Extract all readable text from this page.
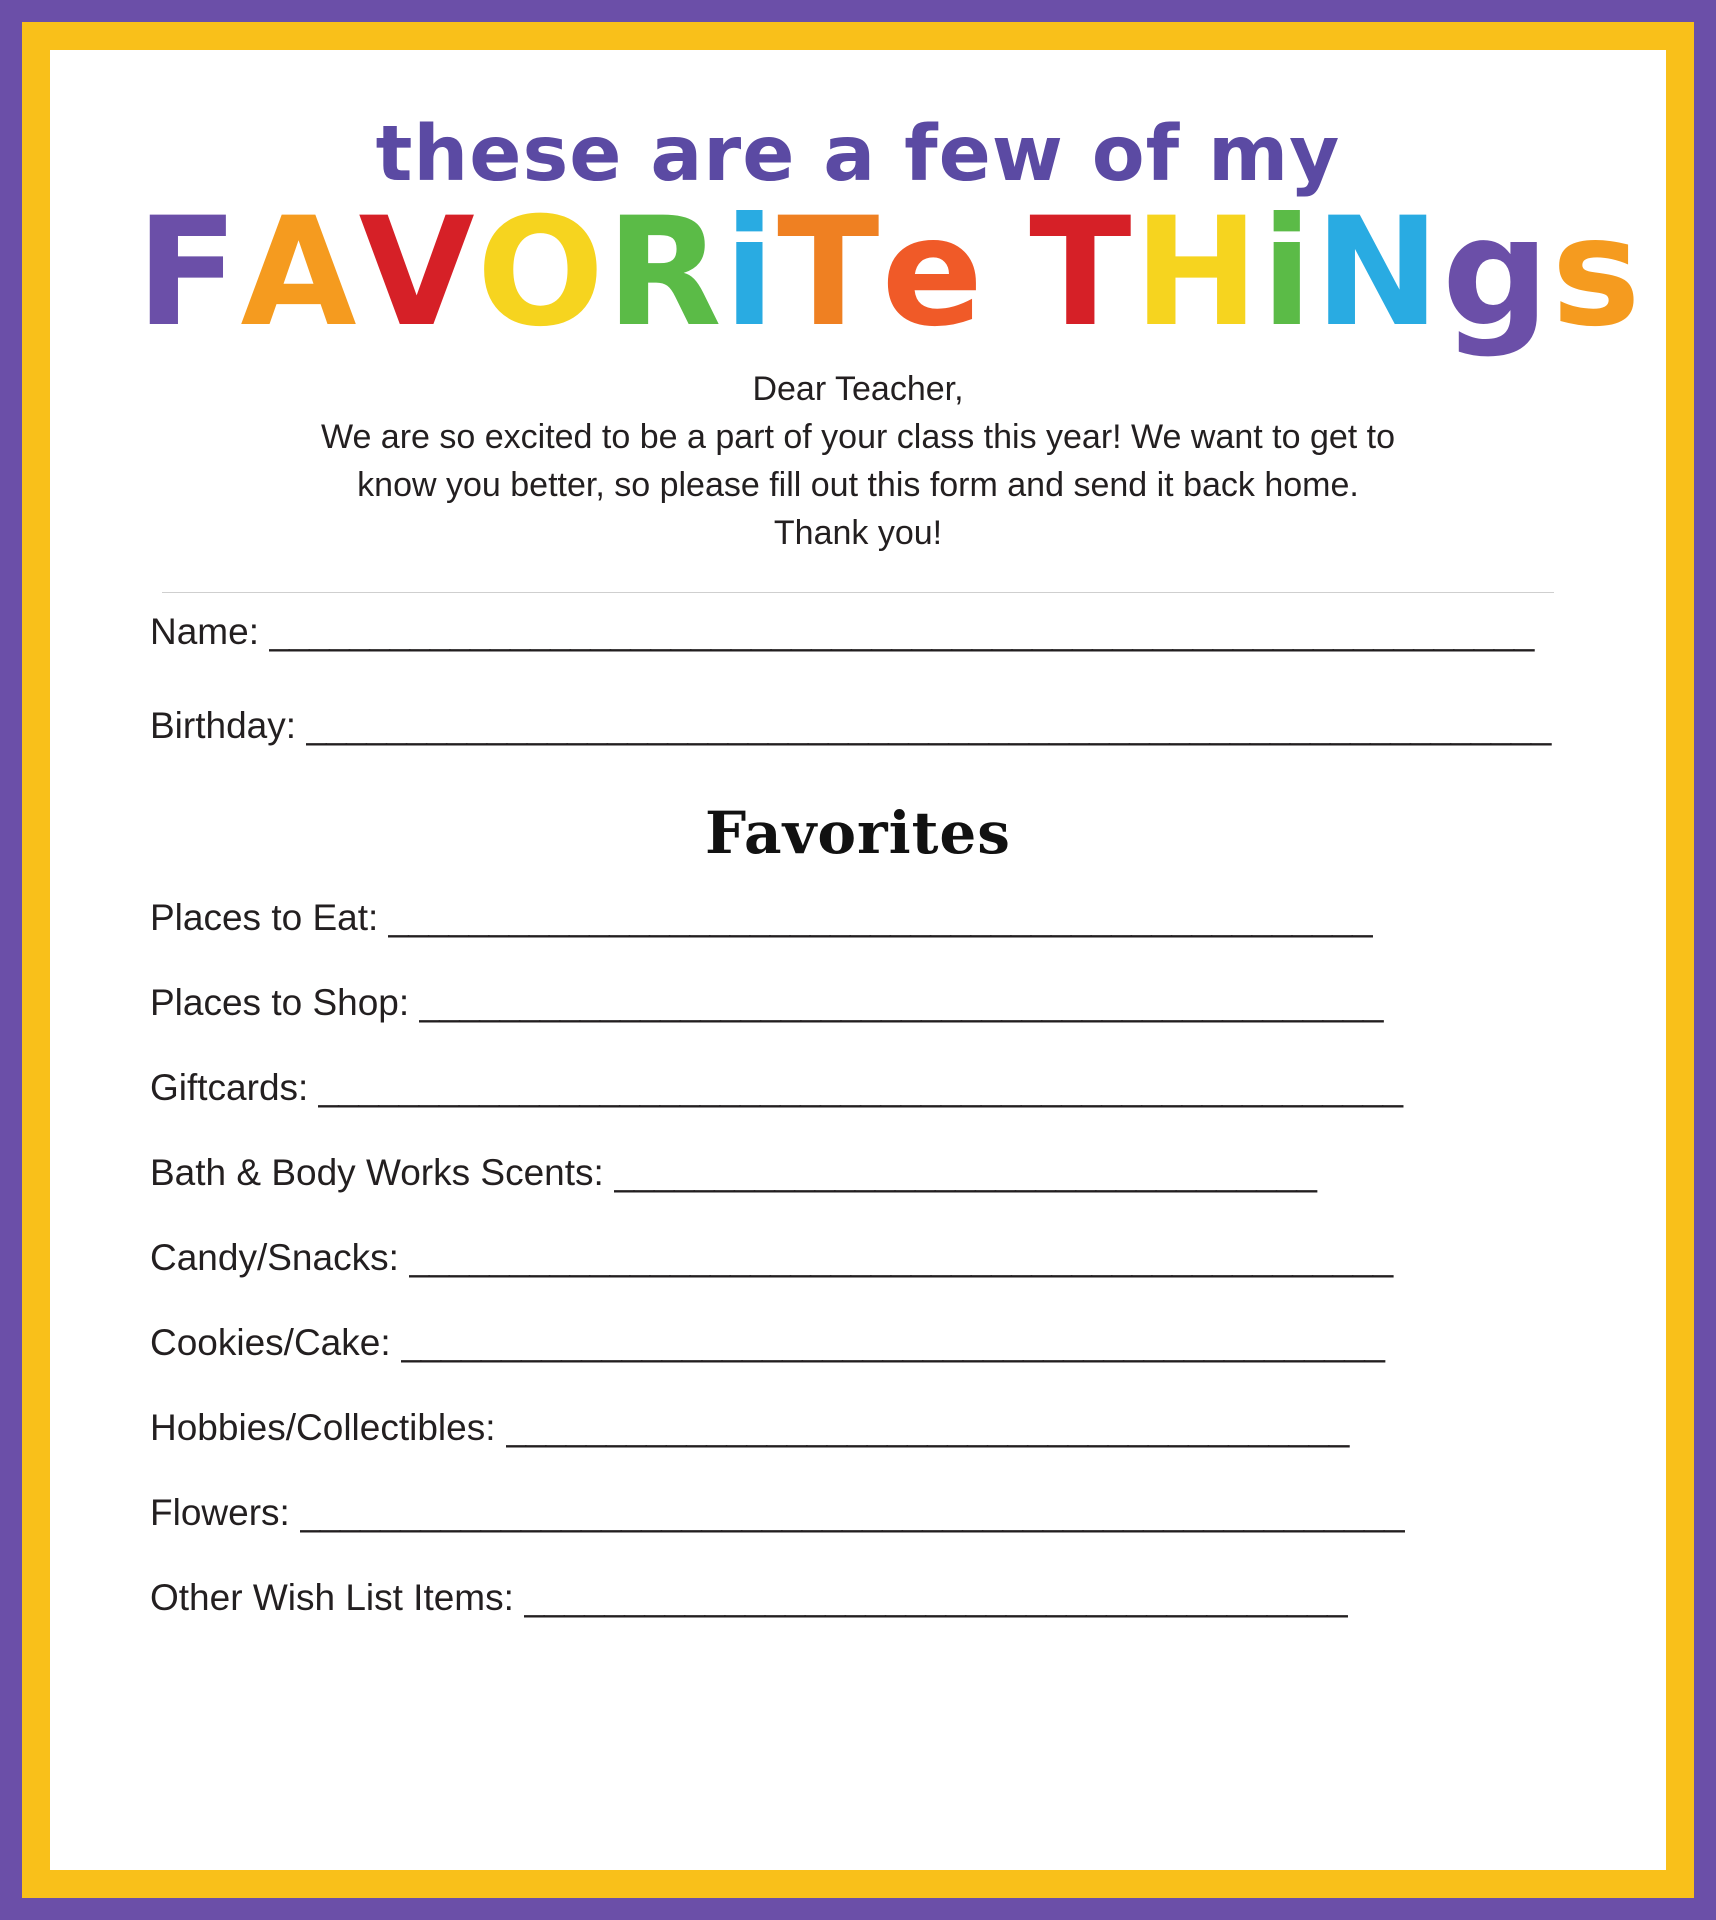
these are a few of my
FAVORiTe THiNgs
Dear Teacher,
We are so excited to be a part of your class this year! We want to get to
know you better, so please fill out this form and send it back home.
Thank you!
Name: _______________________________________________________________
Birthday: ______________________________________________________________
Favorites
Places to Eat: _________________________________________________
Places to Shop: ________________________________________________
Giftcards: ______________________________________________________
Bath & Body Works Scents: ___________________________________
Candy/Snacks: _________________________________________________
Cookies/Cake: _________________________________________________
Hobbies/Collectibles: __________________________________________
Flowers: _______________________________________________________
Other Wish List Items: _________________________________________
